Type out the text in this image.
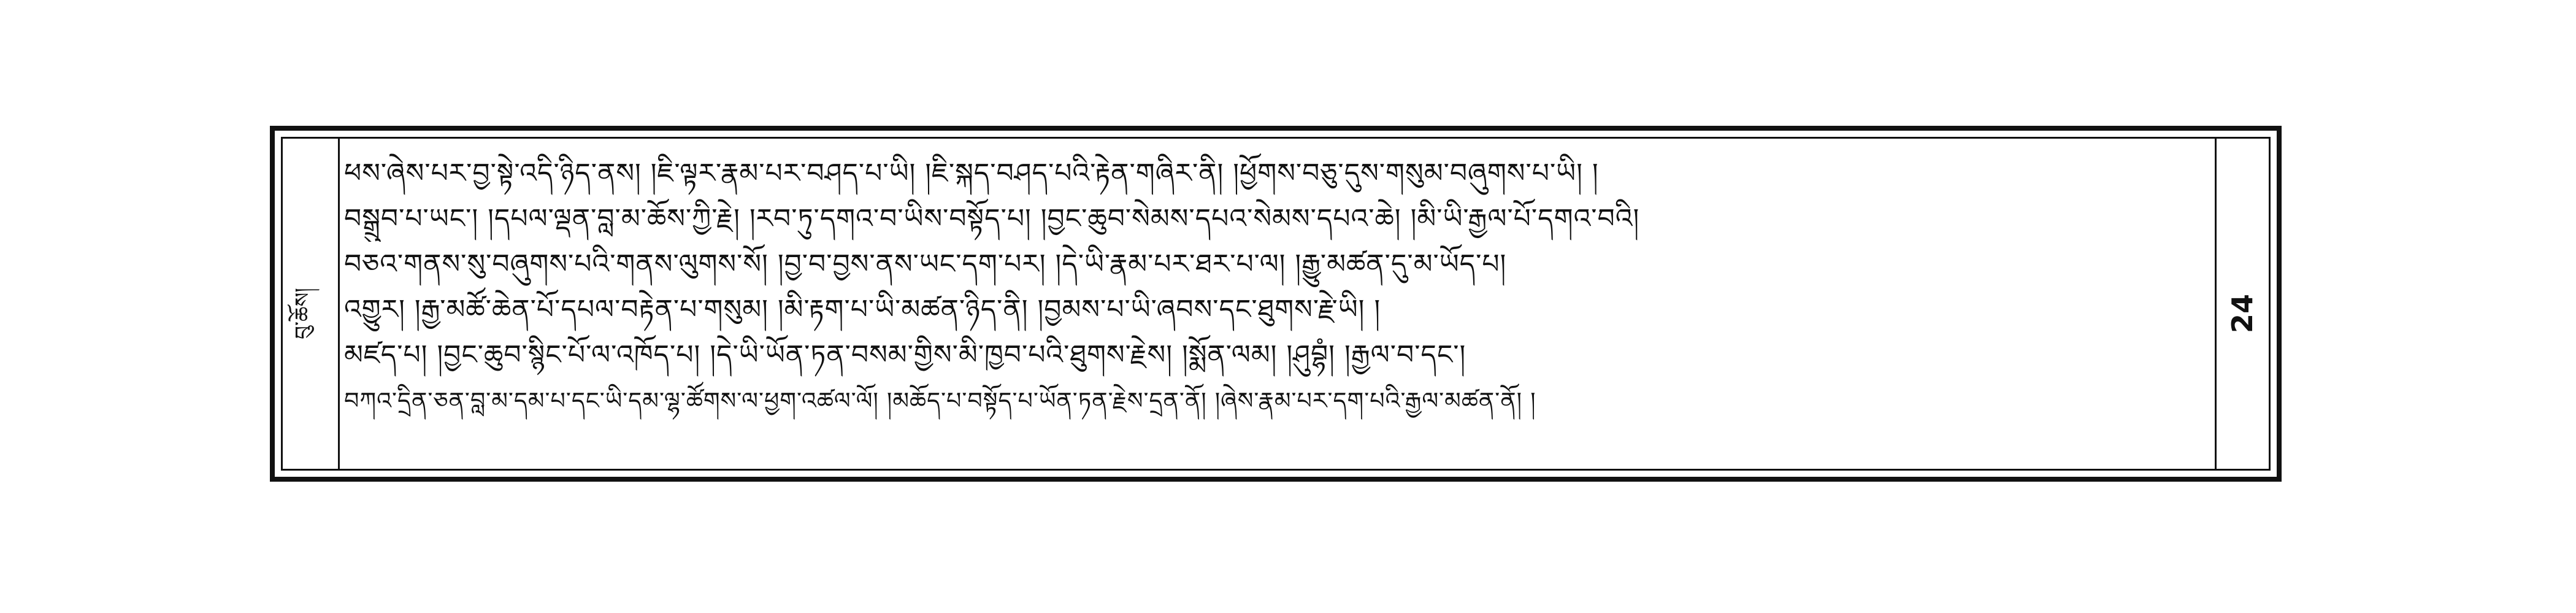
བུ་ཆོས།
ཕས་ཞེས་པར་བྱ་སྟེ་འདི་ཉིད་ནས། །ཇི་ལྟར་རྣམ་པར་བཤད་པ་ཡི། །ཇི་སྐད་བཤད་པའི་རྟེན་གཞིར་ནི། །ཕྱོགས་བཅུ་དུས་གསུམ་བཞུགས་པ་ཡི། །
བསྒྲུབ་པ་ཡང་། །དཔལ་ལྡན་བླ་མ་ཆོས་ཀྱི་རྗེ། །རབ་ཏུ་དགའ་བ་ཡིས་བསྟོད་པ། །བྱང་ཆུབ་སེམས་དཔའ་སེམས་དཔའ་ཆེ། །མི་ཡི་རྒྱལ་པོ་དགའ་བའི།
བཅའ་གནས་སུ་བཞུགས་པའི་གནས་ལུགས་སོ། །བྱ་བ་བྱས་ནས་ཡང་དག་པར། །དེ་ཡི་རྣམ་པར་ཐར་པ་ལ། །རྒྱུ་མཚན་དུ་མ་ཡོད་པ།
འགྱུར། །རྒྱ་མཚོ་ཆེན་པོ་དཔལ་བརྟེན་པ་གསུམ། །མི་རྟག་པ་ཡི་མཚན་ཉིད་ནི། །བྱམས་པ་ཡི་ཞབས་དང་ཐུགས་རྗེ་ཡི། །
མཛད་པ། །བྱང་ཆུབ་སྙིང་པོ་ལ་འཁོད་པ། །དེ་ཡི་ཡོན་ཏན་བསམ་གྱིས་མི་ཁྱབ་པའི་ཐུགས་རྗེས། །སྨོན་ལམ། །ཤུབྷཾ། །རྒྱལ་བ་དང་།
བཀའ་དྲིན་ཅན་བླ་མ་དམ་པ་དང་ཡི་དམ་ལྷ་ཚོགས་ལ་ཕྱག་འཚལ་ལོ། །མཆོད་པ་བསྟོད་པ་ཡོན་ཏན་རྗེས་དྲན་ནོ། །ཞེས་རྣམ་པར་དག་པའི་རྒྱལ་མཚན་ནོ། །
24
